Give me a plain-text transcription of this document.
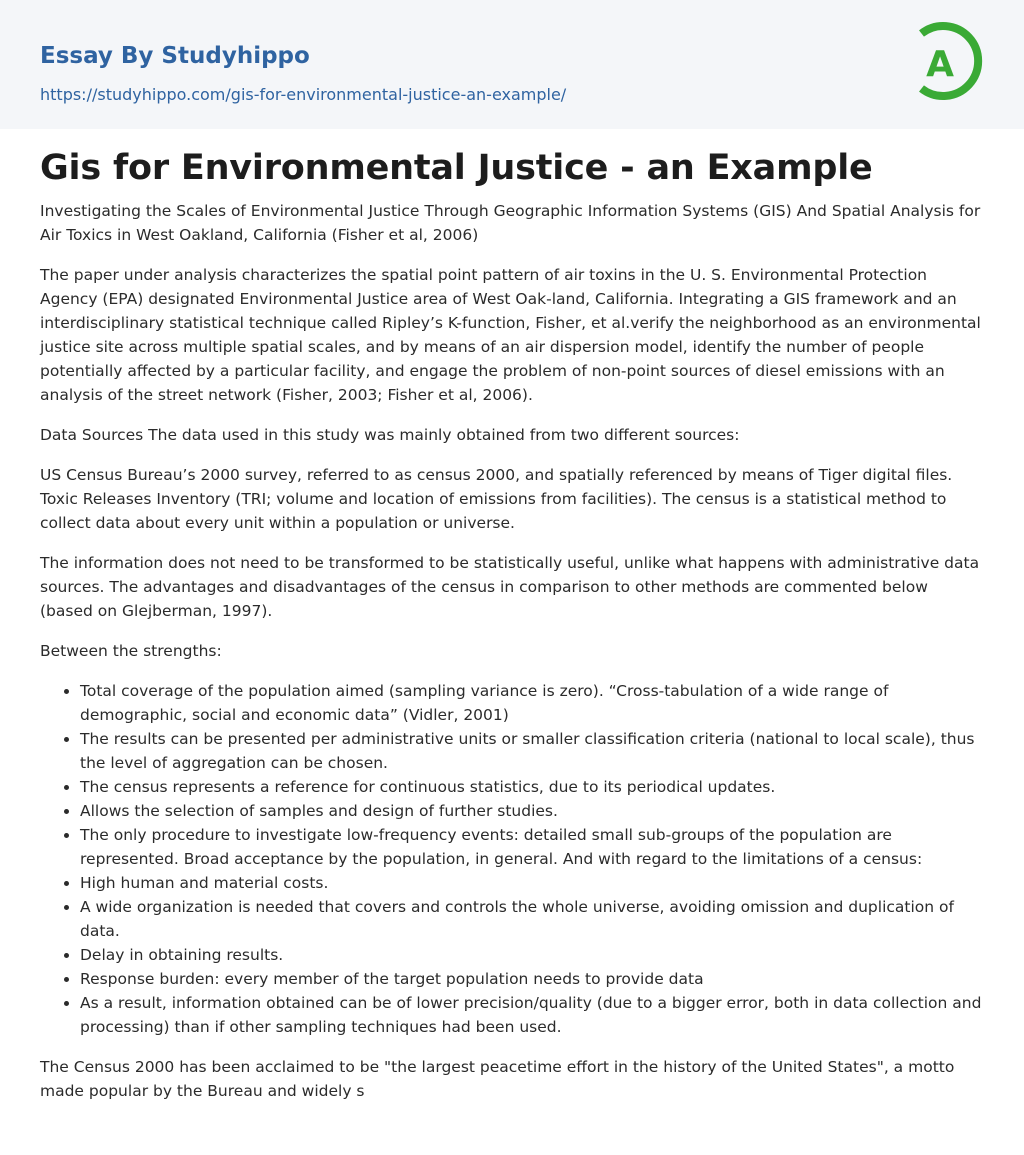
Essay By Studyhippo
https://studyhippo.com/gis-for-environmental-justice-an-example/
A
Gis for Environmental Justice - an Example

Investigating the Scales of Environmental Justice Through Geographic Information Systems (GIS) And Spatial Analysis for Air Toxics in West Oakland, California (Fisher et al, 2006)

The paper under analysis characterizes the spatial point pattern of air toxins in the U. S. Environmental Protection Agency (EPA) designated Environmental Justice area of West Oak-land, California. Integrating a GIS framework and an interdisciplinary statistical technique called Ripley’s K-function, Fisher, et al.verify the neighborhood as an environmental justice site across multiple spatial scales, and by means of an air dispersion model, identify the number of people potentially affected by a particular facility, and engage the problem of non-point sources of diesel emissions with an analysis of the street network (Fisher, 2003; Fisher et al, 2006).

Data Sources The data used in this study was mainly obtained from two different sources:

US Census Bureau’s 2000 survey, referred to as census 2000, and spatially referenced by means of Tiger digital files. Toxic Releases Inventory (TRI; volume and location of emissions from facilities). The census is a statistical method to collect data about every unit within a population or universe.

The information does not need to be transformed to be statistically useful, unlike what happens with administrative data sources. The advantages and disadvantages of the census in comparison to other methods are commented below (based on Glejberman, 1997).

Between the strengths:

• Total coverage of the population aimed (sampling variance is zero). “Cross-tabulation of a wide range of demographic, social and economic data” (Vidler, 2001)
• The results can be presented per administrative units or smaller classification criteria (national to local scale), thus the level of aggregation can be chosen.
• The census represents a reference for continuous statistics, due to its periodical updates.
• Allows the selection of samples and design of further studies.
• The only procedure to investigate low-frequency events: detailed small sub-groups of the population are represented. Broad acceptance by the population, in general. And with regard to the limitations of a census:
• High human and material costs.
• A wide organization is needed that covers and controls the whole universe, avoiding omission and duplication of data.
• Delay in obtaining results.
• Response burden: every member of the target population needs to provide data
• As a result, information obtained can be of lower precision/quality (due to a bigger error, both in data collection and processing) than if other sampling techniques had been used.

The Census 2000 has been acclaimed to be "the largest peacetime effort in the history of the United States", a motto made popular by the Bureau and widely s
